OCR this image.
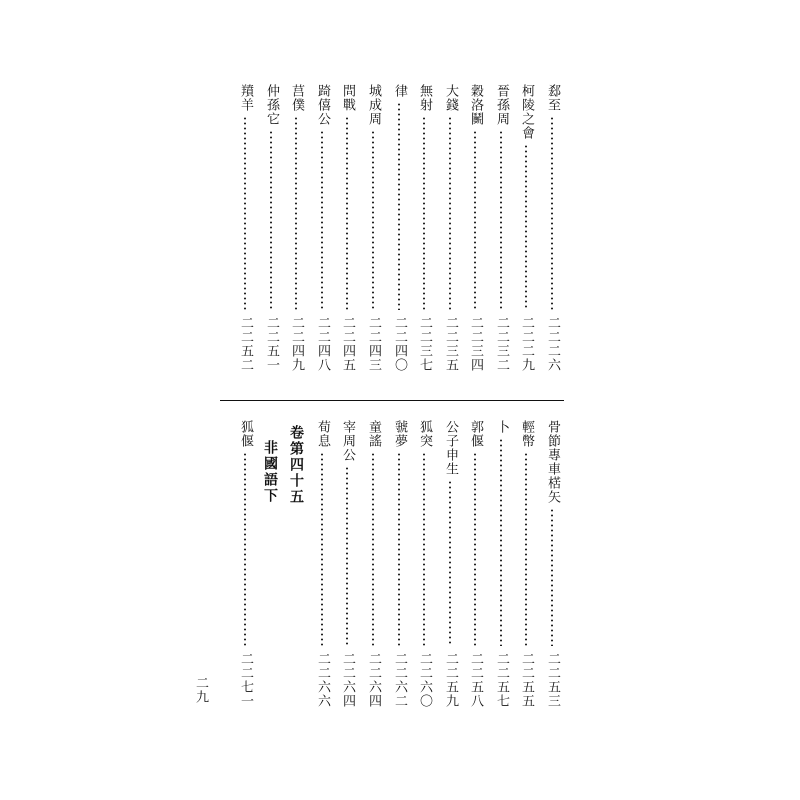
郄至
二二二六
柯陵之會
二二二九
晉孫周
二二三二
穀洛鬭
二二三四
大錢
二二三五
無射
二二三七
律
二二四〇
城成周
二二四三
問戰
二二四五
踦僖公
二二四八
莒僕
二二四九
仲孫它
二二五一
羵羊
二二五二
骨節專車楛矢
二二五三
輕幣
二二五五
卜
二二五七
郭偃
二二五八
公子申生
二二五九
狐突
二二六〇
虢夢
二二六二
童謠
二二六四
宰周公
二二六四
荀息
二二六六
狐偃
二二七一
卷第四十五
非國語下
二九
